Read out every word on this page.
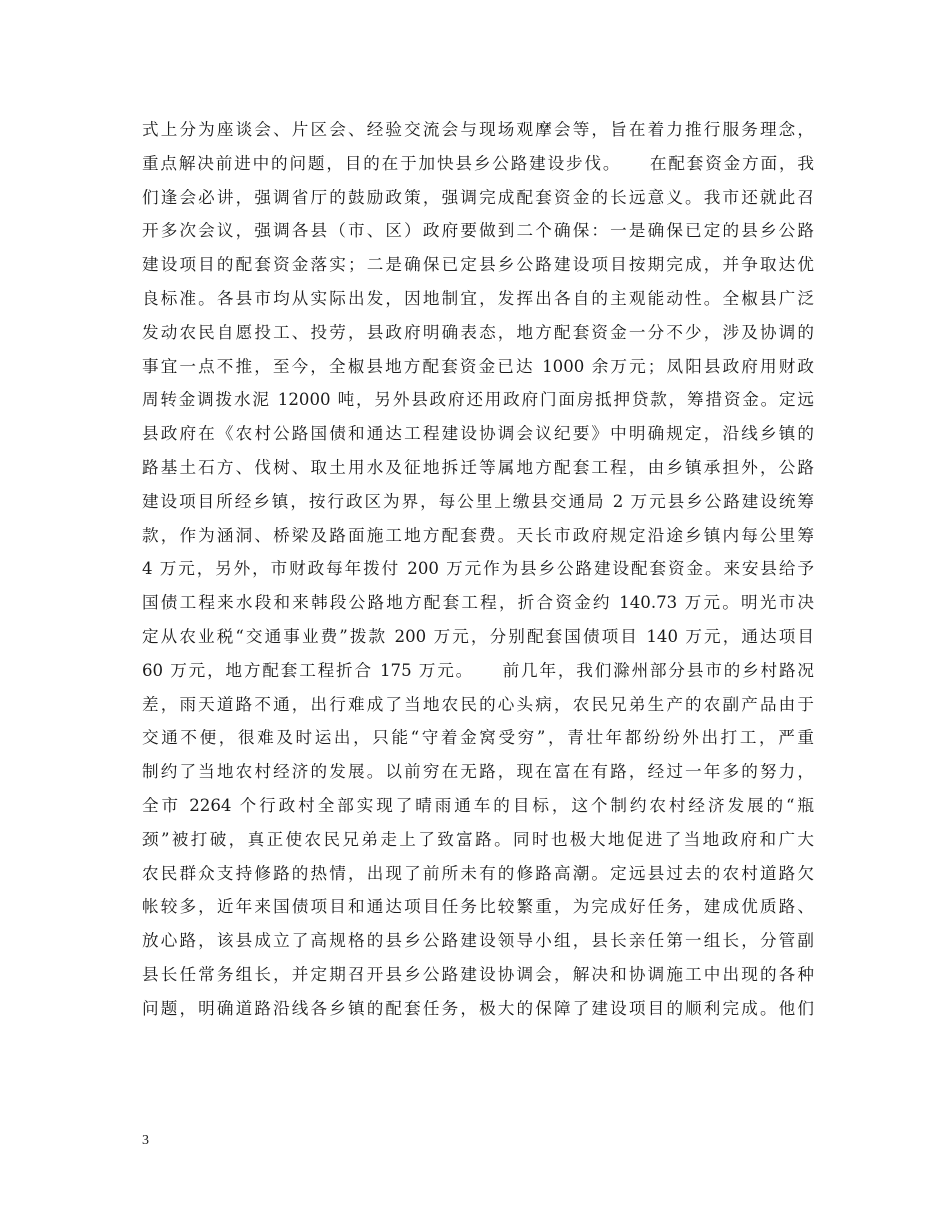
式上分为座谈会、片区会、经验交流会与现场观摩会等，旨在着力推行服务理念，
重点解决前进中的问题，目的在于加快县乡公路建设步伐。　　在配套资金方面，我
们逢会必讲，强调省厅的鼓励政策，强调完成配套资金的长远意义。我市还就此召
开多次会议，强调各县（市、区）政府要做到二个确保：一是确保已定的县乡公路
建设项目的配套资金落实；二是确保已定县乡公路建设项目按期完成，并争取达优
良标准。各县市均从实际出发，因地制宜，发挥出各自的主观能动性。全椒县广泛
发动农民自愿投工、投劳，县政府明确表态，地方配套资金一分不少，涉及协调的
事宜一点不推，至今，全椒县地方配套资金已达 1000 余万元；凤阳县政府用财政
周转金调拨水泥 12000 吨，另外县政府还用政府门面房抵押贷款，筹措资金。定远
县政府在《农村公路国债和通达工程建设协调会议纪要》中明确规定，沿线乡镇的
路基土石方、伐树、取土用水及征地拆迁等属地方配套工程，由乡镇承担外，公路
建设项目所经乡镇，按行政区为界，每公里上缴县交通局 2 万元县乡公路建设统筹
款，作为涵洞、桥梁及路面施工地方配套费。天长市政府规定沿途乡镇内每公里筹
4 万元，另外，市财政每年拨付 200 万元作为县乡公路建设配套资金。来安县给予
国债工程来水段和来韩段公路地方配套工程，折合资金约 140.73 万元。明光市决
定从农业税“交通事业费”拨款 200 万元，分别配套国债项目 140 万元，通达项目
60 万元，地方配套工程折合 175 万元。　　前几年，我们滁州部分县市的乡村路况
差，雨天道路不通，出行难成了当地农民的心头病，农民兄弟生产的农副产品由于
交通不便，很难及时运出，只能“守着金窝受穷”，青壮年都纷纷外出打工，严重
制约了当地农村经济的发展。以前穷在无路，现在富在有路，经过一年多的努力，
全市 2264 个行政村全部实现了晴雨通车的目标，这个制约农村经济发展的“瓶
颈”被打破，真正使农民兄弟走上了致富路。同时也极大地促进了当地政府和广大
农民群众支持修路的热情，出现了前所未有的修路高潮。定远县过去的农村道路欠
帐较多，近年来国债项目和通达项目任务比较繁重，为完成好任务，建成优质路、
放心路，该县成立了高规格的县乡公路建设领导小组，县长亲任第一组长，分管副
县长任常务组长，并定期召开县乡公路建设协调会，解决和协调施工中出现的各种
问题，明确道路沿线各乡镇的配套任务，极大的保障了建设项目的顺利完成。他们
3
